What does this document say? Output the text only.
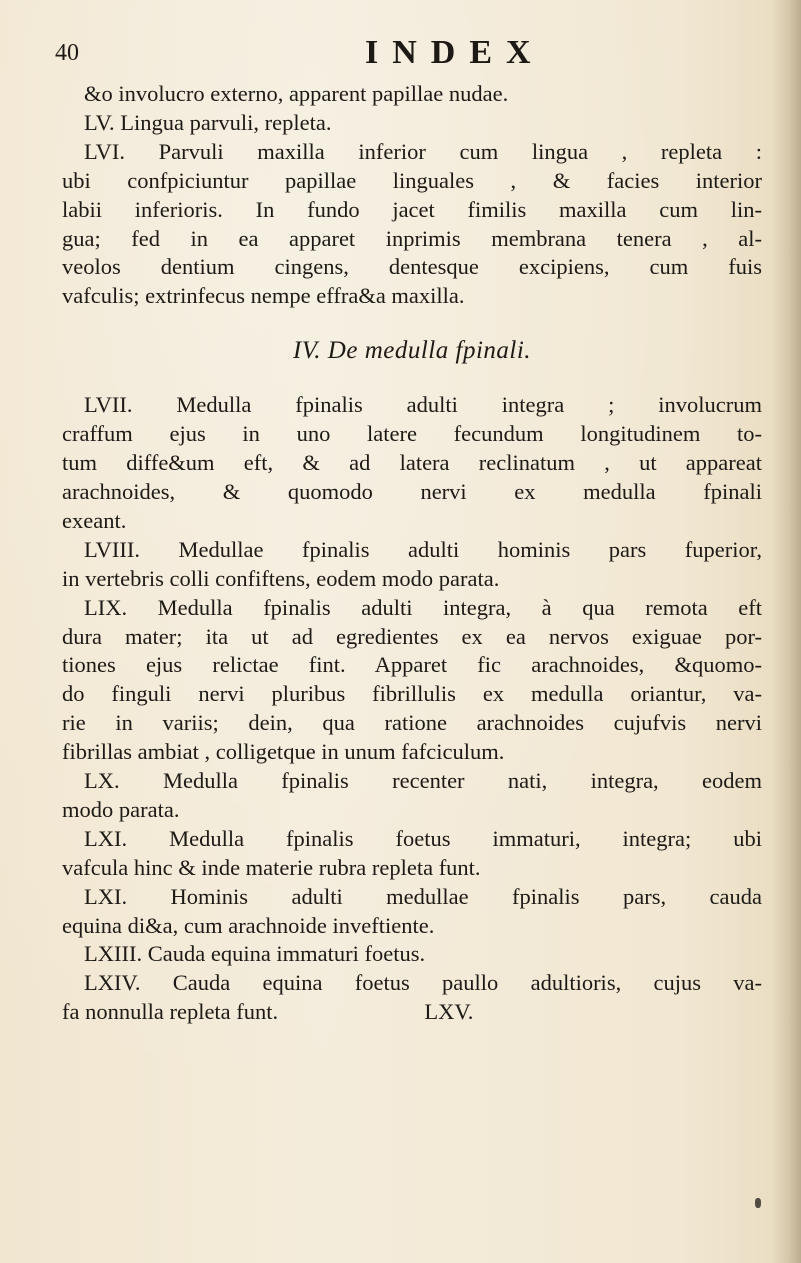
40	INDEX
&o involucro externo, apparent papillae nudae.
LV. Lingua parvuli, repleta.
LVI. Parvuli maxilla inferior cum lingua , repleta :
ubi confpiciuntur papillae linguales , & facies interior
labii inferioris. In fundo jacet fimilis maxilla cum lin-
gua; fed in ea apparet inprimis membrana tenera , al-
veolos dentium cingens, dentesque excipiens, cum fuis
vafculis; extrinfecus nempe effra&a maxilla.
IV. De medulla fpinali.
LVII. Medulla fpinalis adulti integra ; involucrum
craffum ejus in uno latere fecundum longitudinem to-
tum diffe&um eft, & ad latera reclinatum , ut appareat
arachnoides, & quomodo nervi ex medulla fpinali
exeant.
LVIII. Medullae fpinalis adulti hominis pars fuperior,
in vertebris colli confiftens, eodem modo parata.
LIX. Medulla fpinalis adulti integra, à qua remota eft
dura mater; ita ut ad egredientes ex ea nervos exiguae por-
tiones ejus relictae fint. Apparet fic arachnoides, &quomo-
do finguli nervi pluribus fibrillulis ex medulla oriantur, va-
rie in variis; dein, qua ratione arachnoides cujufvis nervi
fibrillas ambiat , colligetque in unum fafciculum.
LX. Medulla fpinalis recenter nati, integra, eodem
modo parata.
LXI. Medulla fpinalis foetus immaturi, integra; ubi
vafcula hinc & inde materie rubra repleta funt.
LXI. Hominis adulti medullae fpinalis pars, cauda
equina di&a, cum arachnoide inveftiente.
LXIII. Cauda equina immaturi foetus.
LXIV. Cauda equina foetus paullo adultioris, cujus va-
fa nonnulla repleta funt.                          LXV.
